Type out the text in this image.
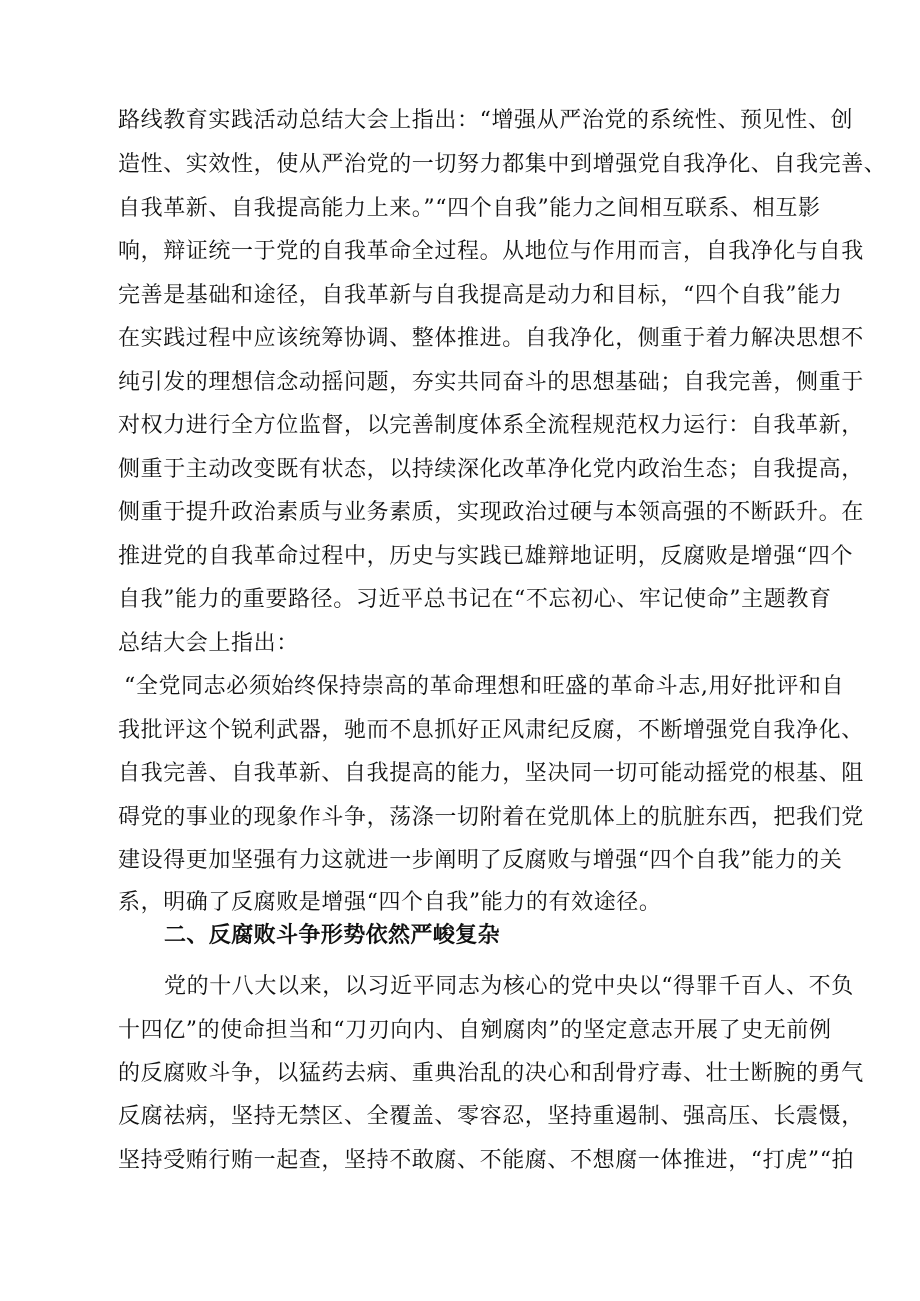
路线教育实践活动总结大会上指出：“增强从严治党的系统性、预见性、创
造性、实效性，使从严治党的一切努力都集中到增强党自我净化、自我完善、
自我革新、自我提高能力上来。”“四个自我”能力之间相互联系、相互影
响，辩证统一于党的自我革命全过程。从地位与作用而言，自我净化与自我
完善是基础和途径，自我革新与自我提高是动力和目标，“四个自我”能力
在实践过程中应该统筹协调、整体推进。自我净化，侧重于着力解决思想不
纯引发的理想信念动摇问题，夯实共同奋斗的思想基础；自我完善，侧重于
对权力进行全方位监督，以完善制度体系全流程规范权力运行：自我革新，
侧重于主动改变既有状态，以持续深化改革净化党内政治生态；自我提高，
侧重于提升政治素质与业务素质，实现政治过硬与本领高强的不断跃升。在
推进党的自我革命过程中，历史与实践已雄辩地证明，反腐败是增强“四个
自我”能力的重要路径。习近平总书记在“不忘初心、牢记使命”主题教育
总结大会上指出：
“全党同志必须始终保持崇高的革命理想和旺盛的革命斗志,用好批评和自
我批评这个锐利武器，驰而不息抓好正风肃纪反腐，不断增强党自我净化、
自我完善、自我革新、自我提高的能力，坚决同一切可能动摇党的根基、阻
碍党的事业的现象作斗争，荡涤一切附着在党肌体上的肮脏东西，把我们党
建设得更加坚强有力这就进一步阐明了反腐败与增强“四个自我”能力的关
系，明确了反腐败是增强“四个自我”能力的有效途径。
二、反腐败斗争形势依然严峻复杂
党的十八大以来，以习近平同志为核心的党中央以“得罪千百人、不负
十四亿”的使命担当和“刀刃向内、自剜腐肉”的坚定意志开展了史无前例
的反腐败斗争，以猛药去病、重典治乱的决心和刮骨疗毒、壮士断腕的勇气
反腐祛病，坚持无禁区、全覆盖、零容忍，坚持重遏制、强高压、长震慑，
坚持受贿行贿一起查，坚持不敢腐、不能腐、不想腐一体推进，“打虎”“拍
